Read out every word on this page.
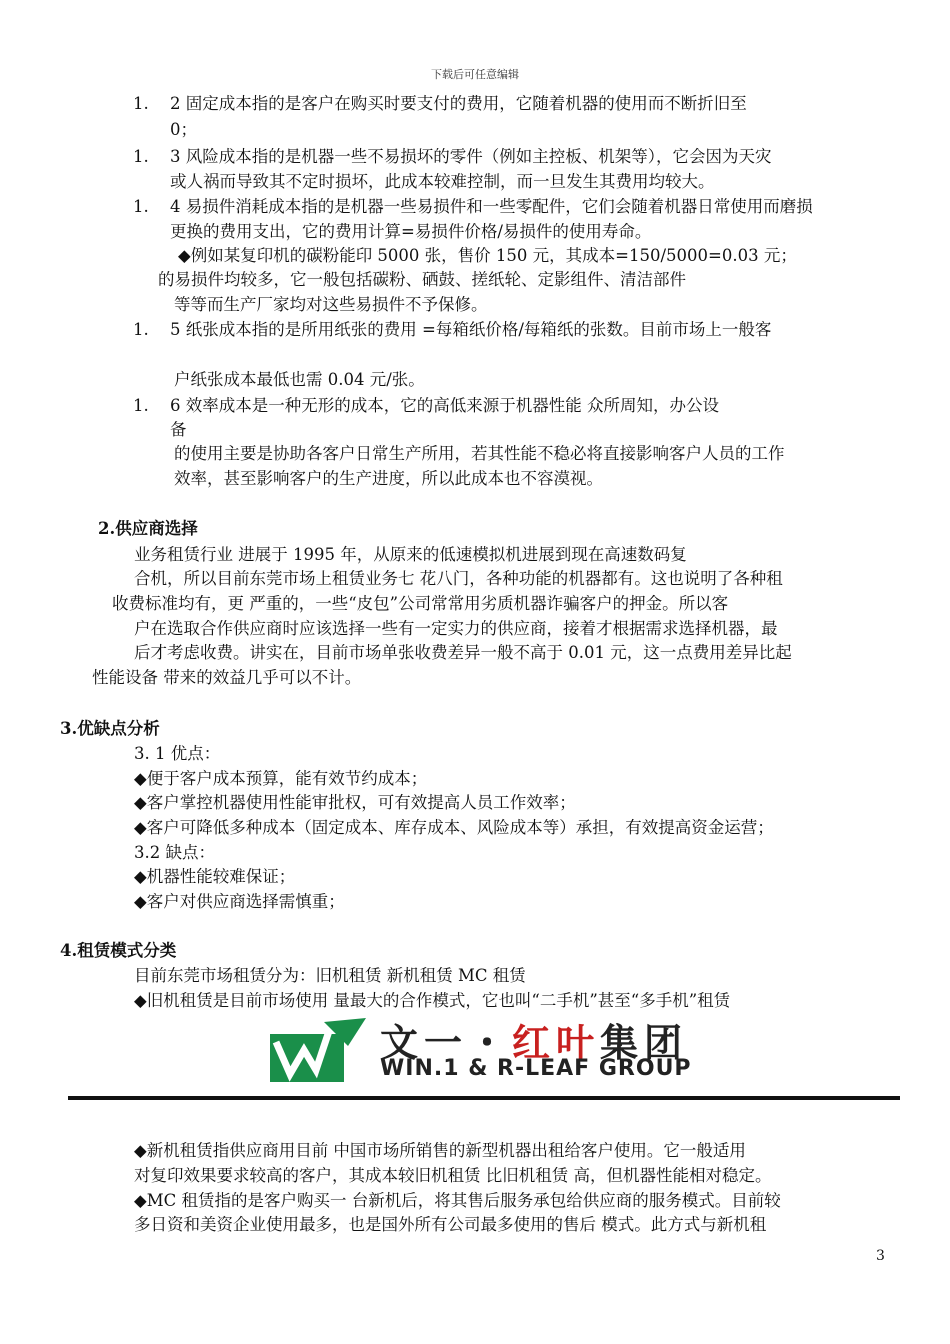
下载后可任意编辑
1. 2 固定成本指的是客户在购买时要支付的费用，它随着机器的使用而不断折旧至
0；
1. 3 风险成本指的是机器一些不易损坏的零件（例如主控板、机架等），它会因为天灾
或人祸而导致其不定时损坏，此成本较难控制，而一旦发生其费用均较大。
1. 4 易损件消耗成本指的是机器一些易损件和一些零配件，它们会随着机器日常使用而磨损
更换的费用支出，它的费用计算=易损件价格/易损件的使用寿命。
◆例如某复印机的碳粉能印 5000 张，售价 150 元，其成本=150/5000=0.03 元；
的易损件均较多，它一般包括碳粉、硒鼓、搓纸轮、定影组件、清洁部件
等等而生产厂家均对这些易损件不予保修。
1. 5 纸张成本指的是所用纸张的费用 =每箱纸价格/每箱纸的张数。目前市场上一般客
户纸张成本最低也需 0.04 元/张。
1. 6 效率成本是一种无形的成本，它的高低来源于机器性能 众所周知，办公设
备
的使用主要是协助各客户日常生产所用，若其性能不稳必将直接影响客户人员的工作
效率，甚至影响客户的生产进度，所以此成本也不容漠视。
2.供应商选择
业务租赁行业 进展于 1995 年，从原来的低速模拟机进展到现在高速数码复
合机，所以目前东莞市场上租赁业务七 花八门，各种功能的机器都有。这也说明了各种租
收费标准均有，更 严重的，一些“皮包”公司常常用劣质机器诈骗客户的押金。所以客
户在选取合作供应商时应该选择一些有一定实力的供应商，接着才根据需求选择机器，最
后才考虑收费。讲实在，目前市场单张收费差异一般不高于 0.01 元，这一点费用差异比起
性能设备 带来的效益几乎可以不计。
3.优缺点分析
3. 1 优点：
◆便于客户成本预算，能有效节约成本；
◆客户掌控机器使用性能审批权，可有效提高人员工作效率；
◆客户可降低多种成本（固定成本、库存成本、风险成本等）承担，有效提高资金运营；
3.2 缺点：
◆机器性能较难保证；
◆客户对供应商选择需慎重；
4.租赁模式分类
目前东莞市场租赁分为：旧机租赁 新机租赁 MC 租赁
◆旧机租赁是目前市场使用 量最大的合作模式，它也叫“二手机”甚至“多手机”租赁
文一・红叶集团
WIN.1 & R-LEAF GROUP
◆新机租赁指供应商用目前 中国市场所销售的新型机器出租给客户使用。它一般适用
对复印效果要求较高的客户，其成本较旧机租赁 比旧机租赁 高，但机器性能相对稳定。
◆MC 租赁指的是客户购买一 台新机后，将其售后服务承包给供应商的服务模式。目前较
多日资和美资企业使用最多，也是国外所有公司最多使用的售后 模式。此方式与新机租
3
